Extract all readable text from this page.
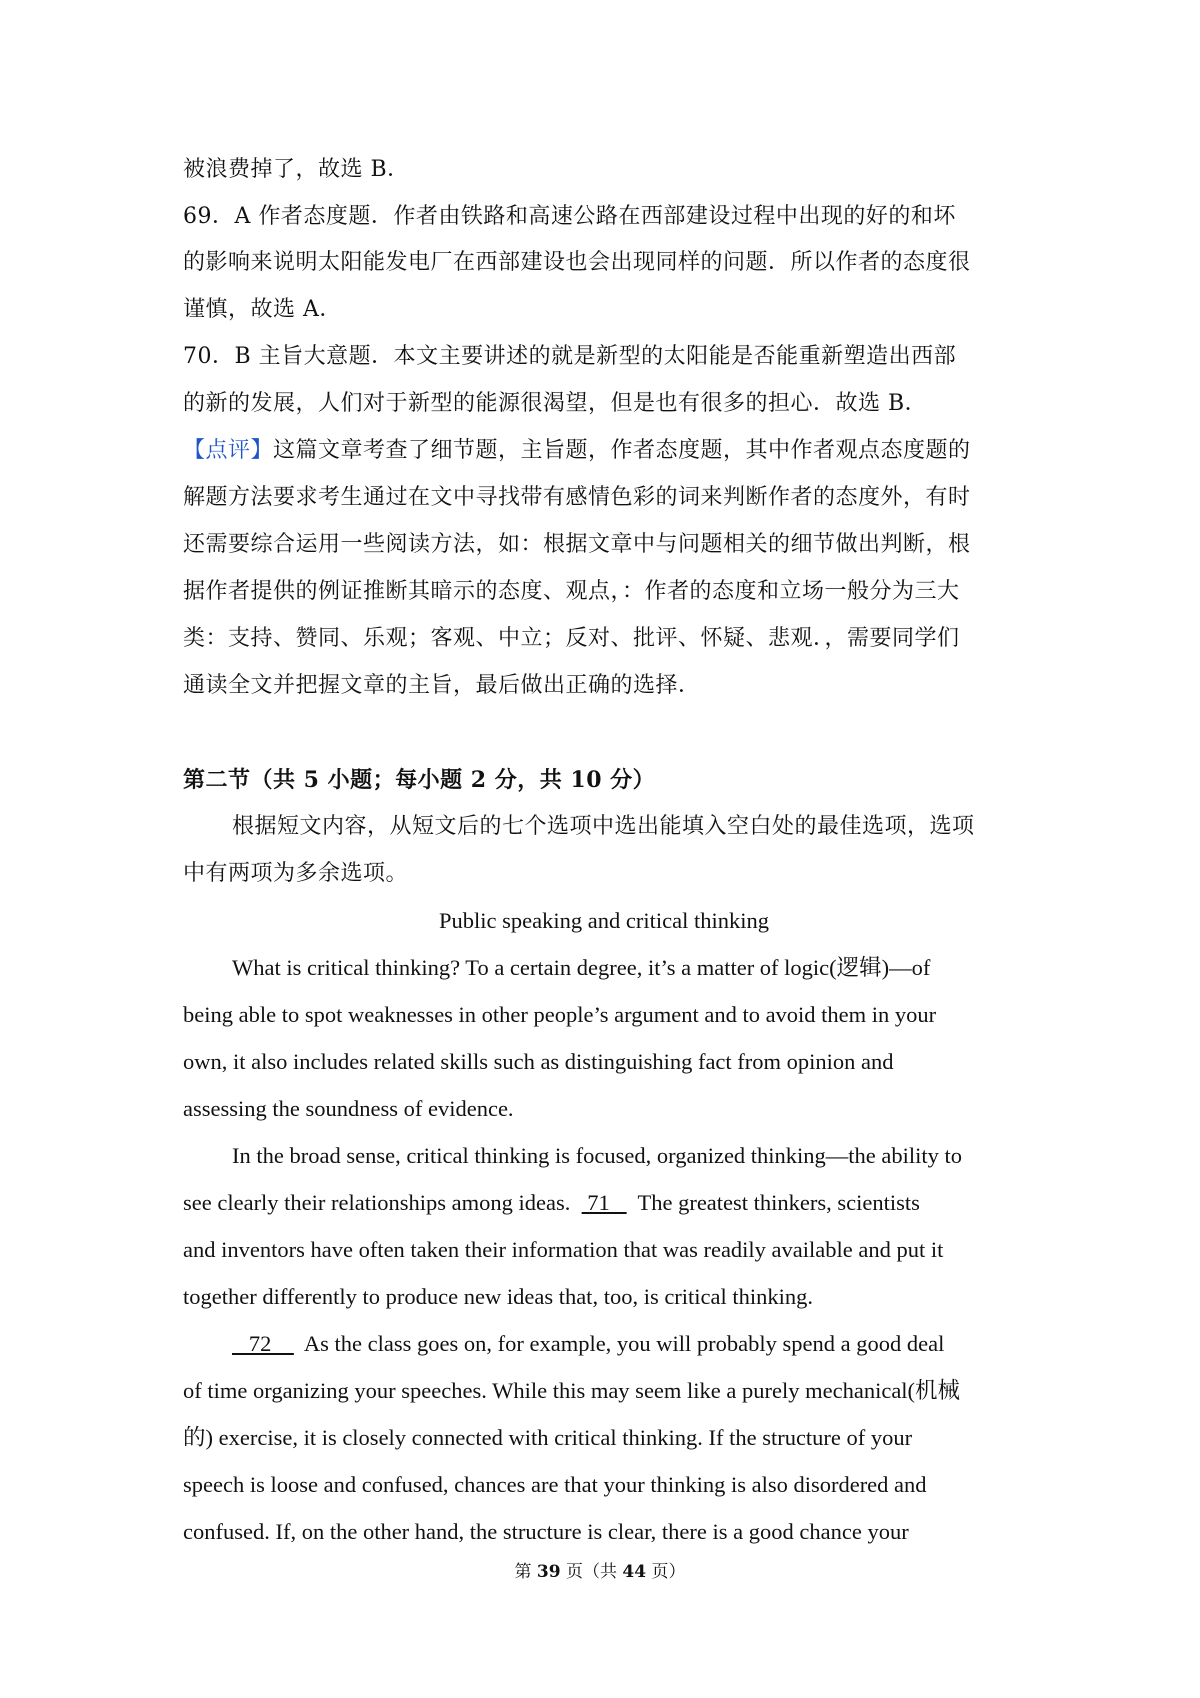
被浪费掉了，故选 B．
69．A 作者态度题．作者由铁路和高速公路在西部建设过程中出现的好的和坏
的影响来说明太阳能发电厂在西部建设也会出现同样的问题．所以作者的态度很
谨慎，故选 A．
70．B 主旨大意题．本文主要讲述的就是新型的太阳能是否能重新塑造出西部
的新的发展，人们对于新型的能源很渴望，但是也有很多的担心．故选 B．
【点评】这篇文章考查了细节题，主旨题，作者态度题，其中作者观点态度题的
解题方法要求考生通过在文中寻找带有感情色彩的词来判断作者的态度外，有时
还需要综合运用一些阅读方法，如：根据文章中与问题相关的细节做出判断，根
据作者提供的例证推断其暗示的态度、观点，：作者的态度和立场一般分为三大
类：支持、赞同、乐观；客观、中立；反对、批评、怀疑、悲观．，需要同学们
通读全文并把握文章的主旨，最后做出正确的选择．
第二节（共 5 小题；每小题 2 分，共 10 分）
根据短文内容，从短文后的七个选项中选出能填入空白处的最佳选项，选项
中有两项为多余选项。
Public speaking and critical thinking
What is critical thinking? To a certain degree, it’s a matter of logic(逻辑)—of
being able to spot weaknesses in other people’s argument and to avoid them in your
own, it also includes related skills such as distinguishing fact from opinion and
assessing the soundness of evidence.
In the broad sense, critical thinking is focused, organized thinking—the ability to
see clearly their relationships among ideas.   71     The greatest thinkers, scientists
and inventors have often taken their information that was readily available and put it
together differently to produce new ideas that, too, is critical thinking.
72      As the class goes on, for example, you will probably spend a good deal
of time organizing your speeches. While this may seem like a purely mechanical(机械
的) exercise, it is closely connected with critical thinking. If the structure of your
speech is loose and confused, chances are that your thinking is also disordered and
confused. If, on the other hand, the structure is clear, there is a good chance your
第 39 页（共 44 页）
